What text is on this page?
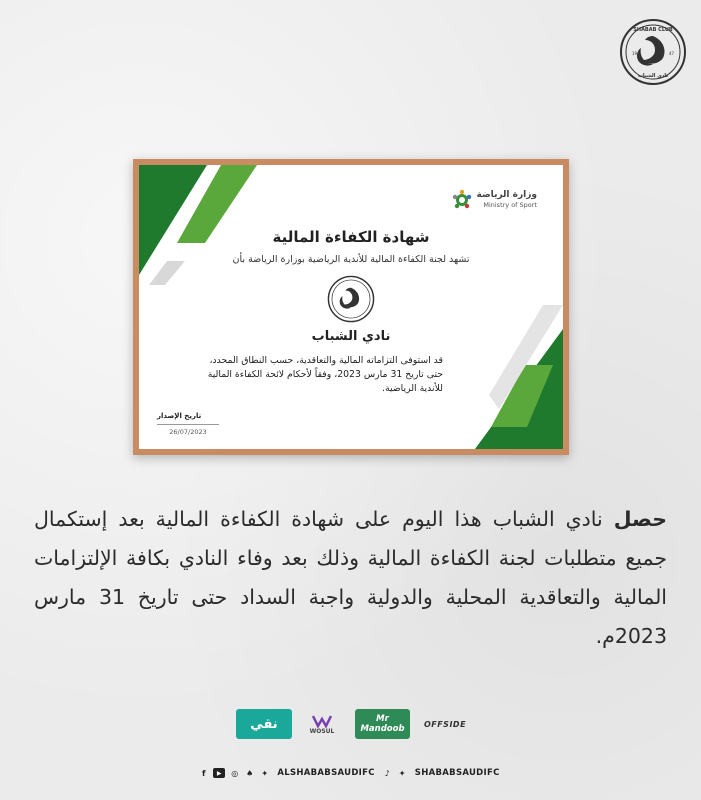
SHABAB CLUB
19	47
نادي الشباب
وزارة الرياضة
Ministry of Sport
شهادة الكفاءة المالية
تشهد لجنة الكفاءة المالية للأندية الرياضية بوزارة الرياضة بأن
نادي الشباب
قد استوفى التزاماته المالية والتعاقدية، حسب النطاق المحدد،
حتى تاريخ 31 مارس 2023، وفقاً لأحكام لائحة الكفاءة المالية
للأندية الرياضية.
تاريخ الإصدار
26/07/2023
حصل نادي الشباب هذا اليوم على شهادة الكفاءة المالية بعد إستكمال جميع متطلبات لجنة الكفاءة المالية وذلك بعد وفاء النادي بكافة الإلتزامات المالية والتعاقدية المحلية والدولية واجبة السداد حتى تاريخ 31 مارس 2023م.
نقي	WOSUL
Mr
Mandoob OFFSIDE
f	▶	◎ ♠ ✦ ALSHABABSAUDIFC	♪	✦ SHABABSAUDIFC
